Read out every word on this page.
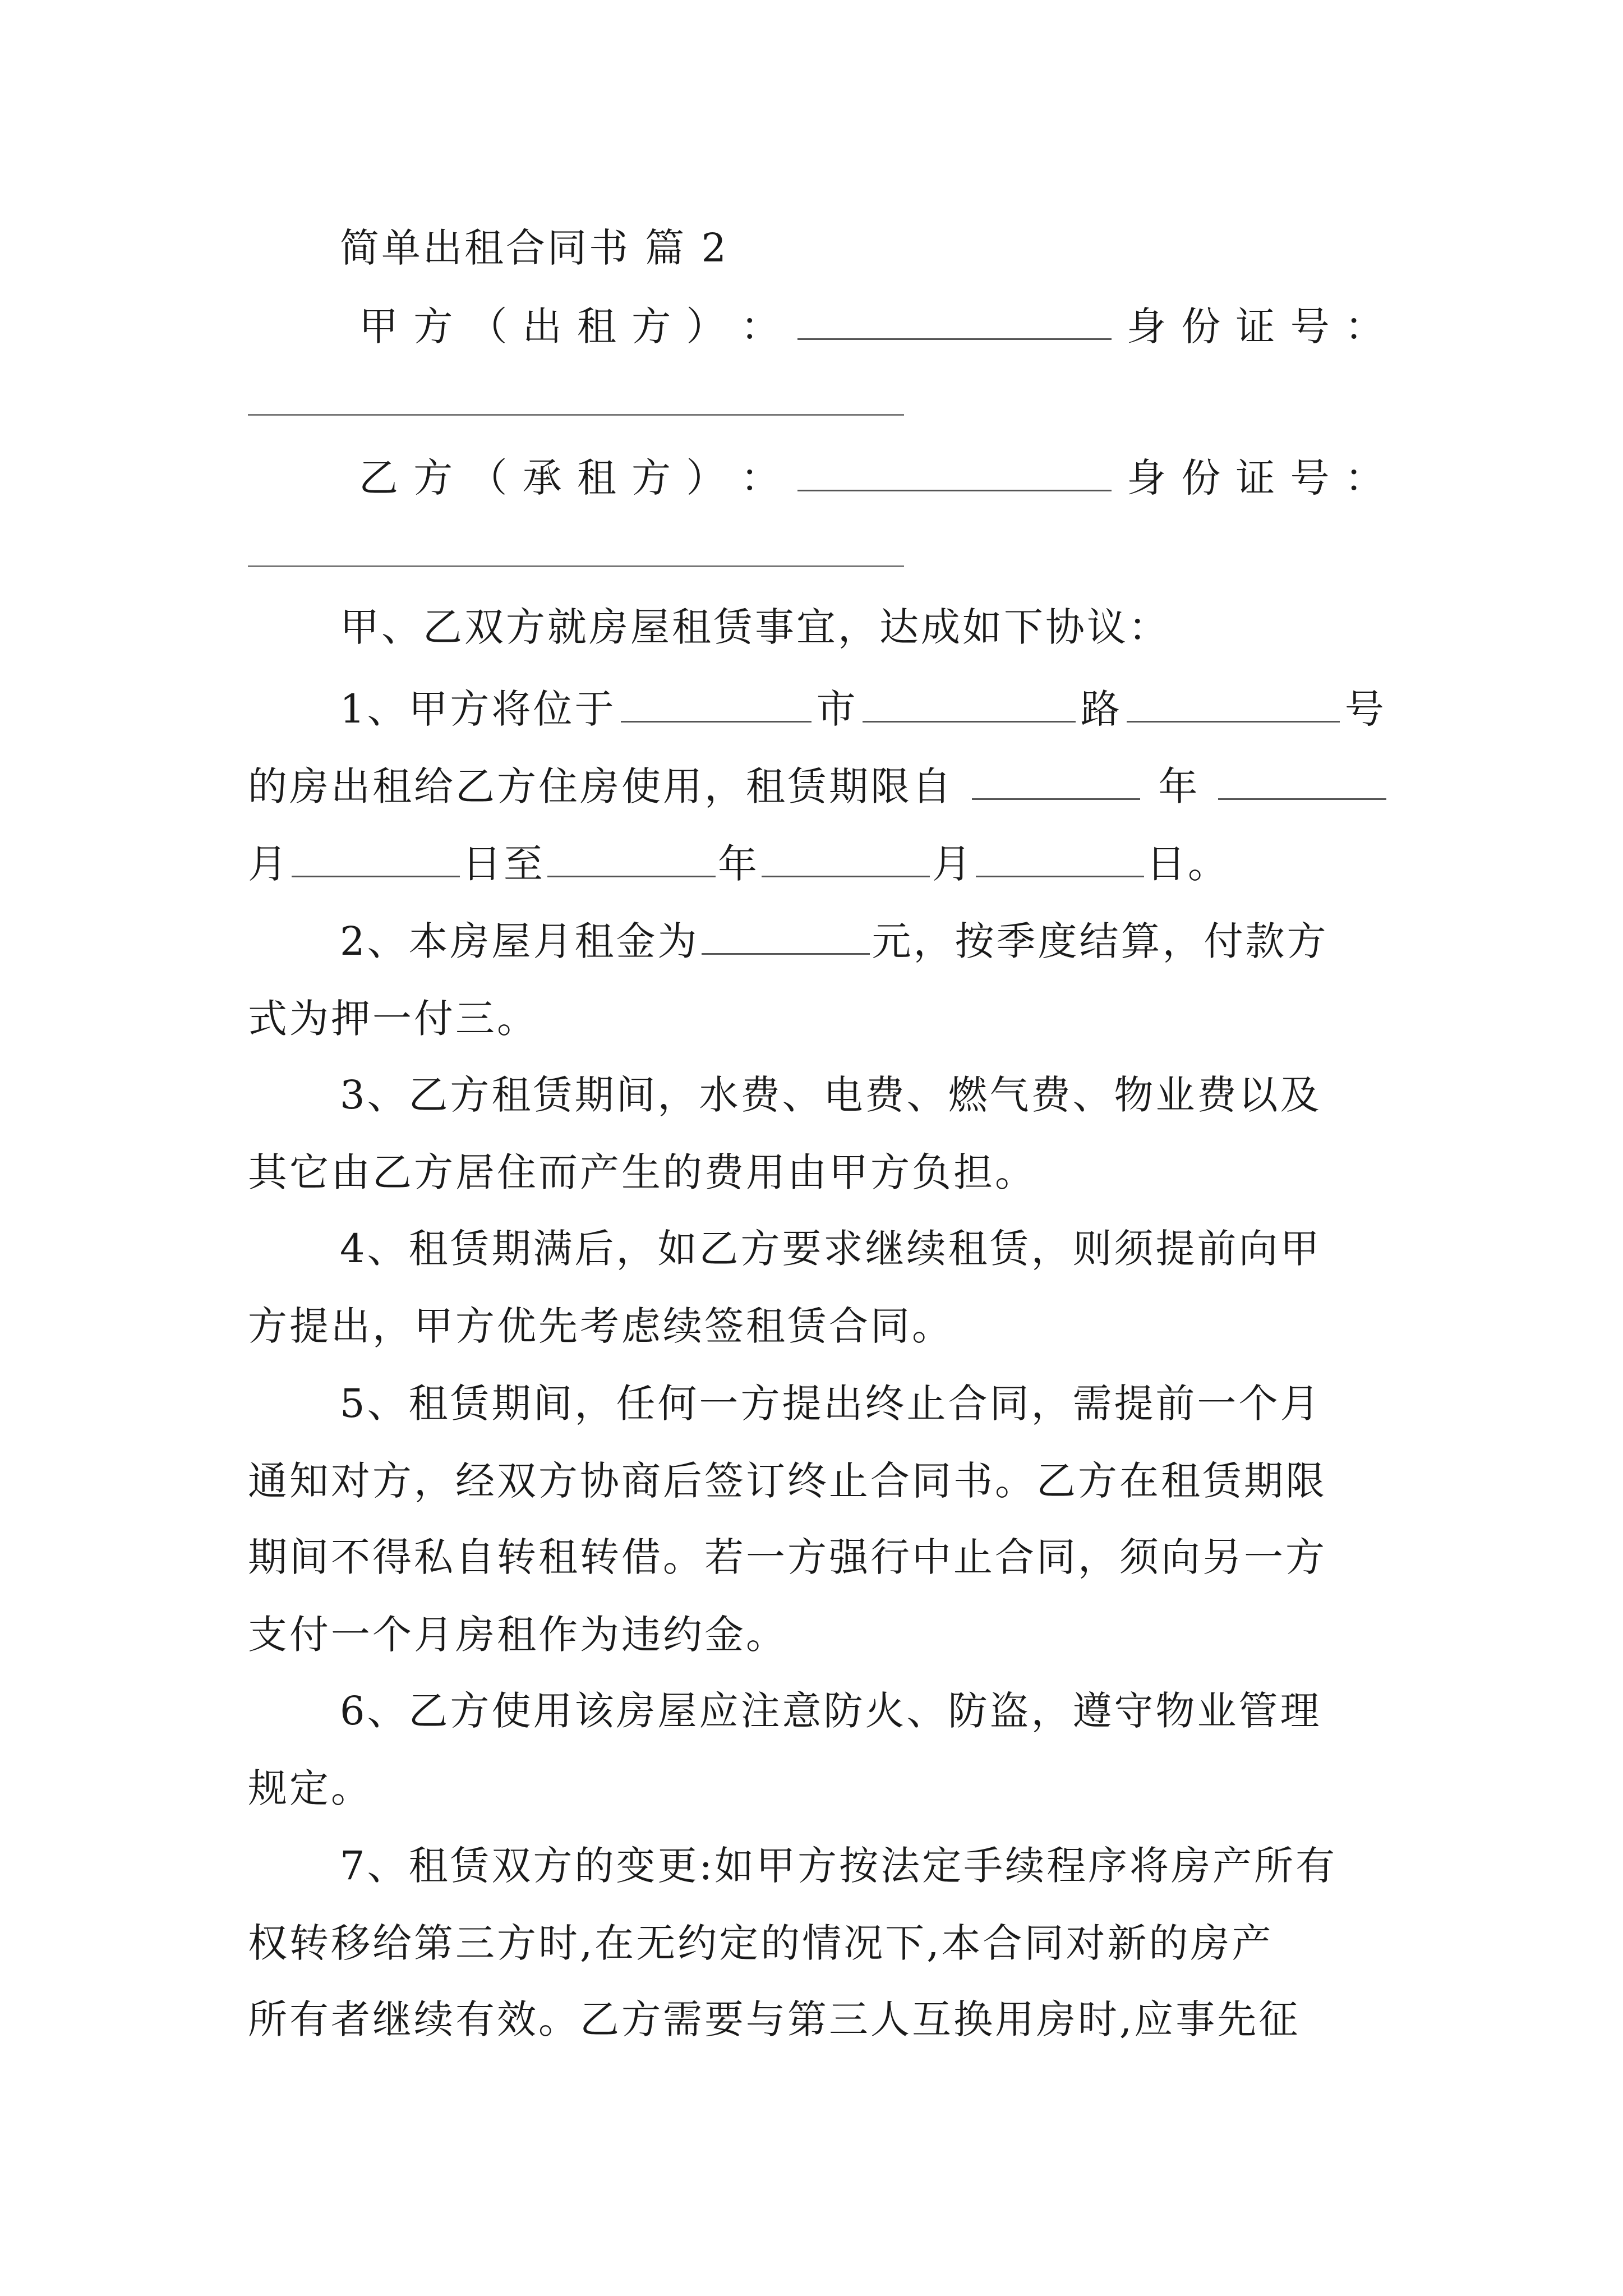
简单出租合同书 篇 2
甲 方 （ 出 租 方 ） ：	身 份 证 号 ：
乙 方 （ 承 租 方 ） ：	身 份 证 号 ：
甲、乙双方就房屋租赁事宜，达成如下协议：
1、甲方将位于	市	路	号
的房出租给乙方住房使用，租赁期限自	年
月	日至	年	月	日。
2、本房屋月租金为	元，按季度结算，付款方
式为押一付三。
3、乙方租赁期间，水费、电费、燃气费、物业费以及
其它由乙方居住而产生的费用由甲方负担。
4、租赁期满后，如乙方要求继续租赁，则须提前向甲
方提出，甲方优先考虑续签租赁合同。
5、租赁期间，任何一方提出终止合同，需提前一个月
通知对方，经双方协商后签订终止合同书。乙方在租赁期限
期间不得私自转租转借。若一方强行中止合同，须向另一方
支付一个月房租作为违约金。
6、乙方使用该房屋应注意防火、防盗，遵守物业管理
规定。
7、租赁双方的变更:如甲方按法定手续程序将房产所有
权转移给第三方时,在无约定的情况下,本合同对新的房产
所有者继续有效。乙方需要与第三人互换用房时,应事先征
